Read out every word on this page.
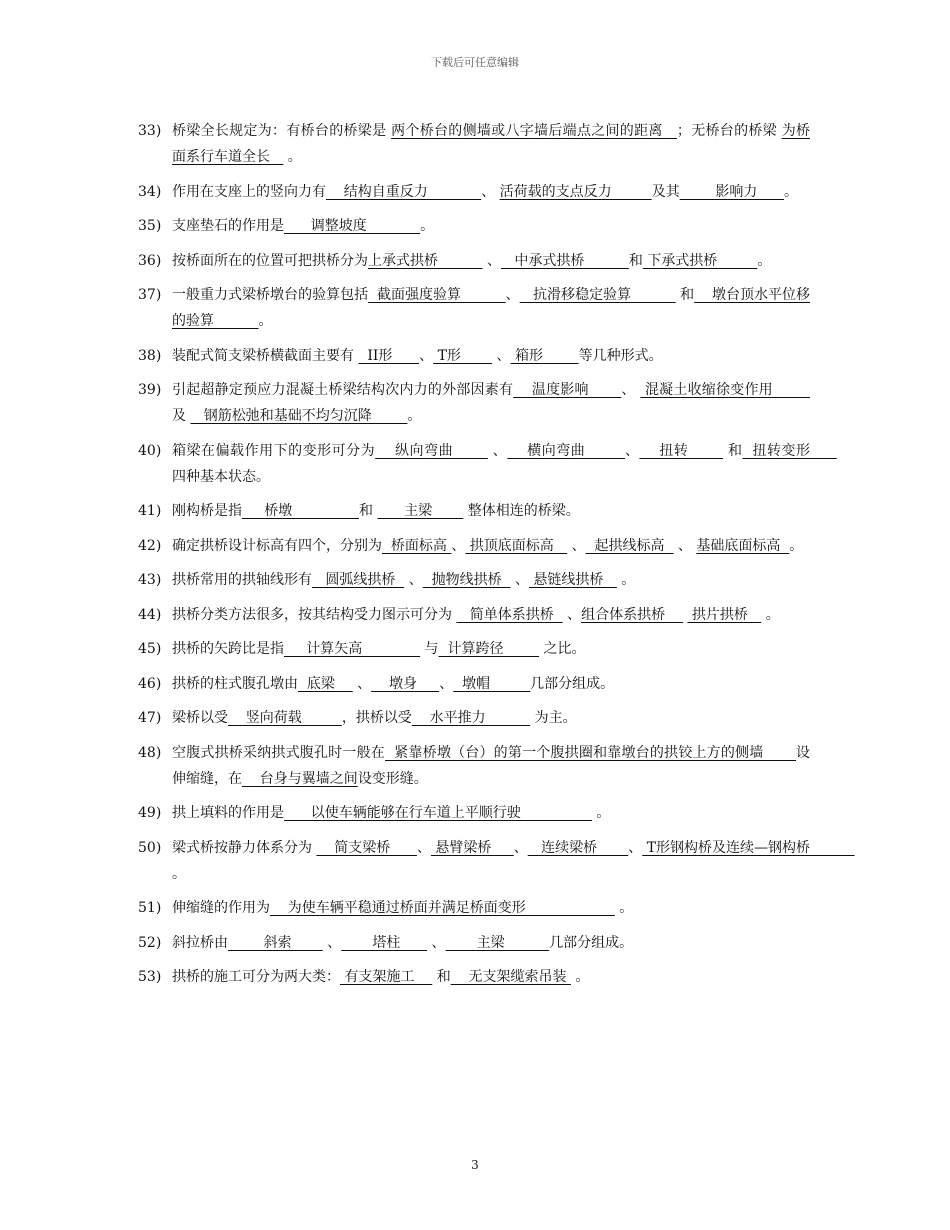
下载后可任意编辑
33) 桥梁全长规定为：有桥台的桥梁是 两个桥台的侧墙或八字墙后端点之间的距离   ；无桥台的桥梁 为桥面系行车道全长    。
34) 作用在支座上的竖向力有    结构自重反力            、 活荷载的支点反力         及其        影响力      。
35) 支座垫石的作用是      调整坡度            。
36) 按桥面所在的位置可把拱桥分为上承式拱桥           、   中承式拱桥          和 下承式拱桥         。
37) 一般重力式梁桥墩台的验算包括  截面强度验算          、   抗滑移稳定验算           和    墩台顶水平位移的验算          。
38) 装配式简支梁桥横截面主要有   II形      、 T形        、 箱形        等几种形式。
39) 引起超静定预应力混凝土桥梁结构次内力的外部因素有    温度影响       、  混凝土收缩徐变作用         及    钢筋松弛和基础不均匀沉降        。
40) 箱梁在偏载作用下的变形可分为    纵向弯曲        、    横向弯曲        、    扭转        和  扭转变形      四种基本状态。
41) 刚构桥是指     桥墩               和       主梁        整体相连的桥梁。
42) 确定拱桥设计标高有四个，分别为  桥面标高 、 拱顶底面标高    、  起拱线标高   、 基础底面标高  。
43) 拱桥常用的拱轴线形有   圆弧线拱桥   、  抛物线拱桥   、 悬链线拱桥    。
44) 拱桥分类方法很多，按其结构受力图示可分为    简单体系拱桥   、组合体系拱桥      拱片拱桥    。
45) 拱桥的矢跨比是指     计算矢高              与  计算跨径         之比。
46) 拱桥的柱式腹孔墩由  底梁     、    墩身     、  墩帽         几部分组成。
47) 梁桥以受    竖向荷载         ，拱桥以受    水平推力           为主。
48) 空腹式拱桥采纳拱式腹孔时一般在  紧靠桥墩（台）的第一个腹拱圈和靠墩台的拱铰上方的侧墙       设伸缩缝，在    台身与翼墙之间设变形缝。
49) 拱上填料的作用是      以使车辆能够在行车道上平顺行驶                 。
50) 梁式桥按静力体系分为     简支梁桥      、 悬臂梁桥     、   连续梁桥       、 T形钢构桥及连续—钢构桥           。
51) 伸缩缝的作用为    为使车辆平稳通过桥面并满足桥面变形                     。
52) 斜拉桥由        斜索        、       塔柱       、       主梁          几部分组成。
53) 拱桥的施工可分为两大类： 有支架施工     和    无支架缆索吊装  。
3
